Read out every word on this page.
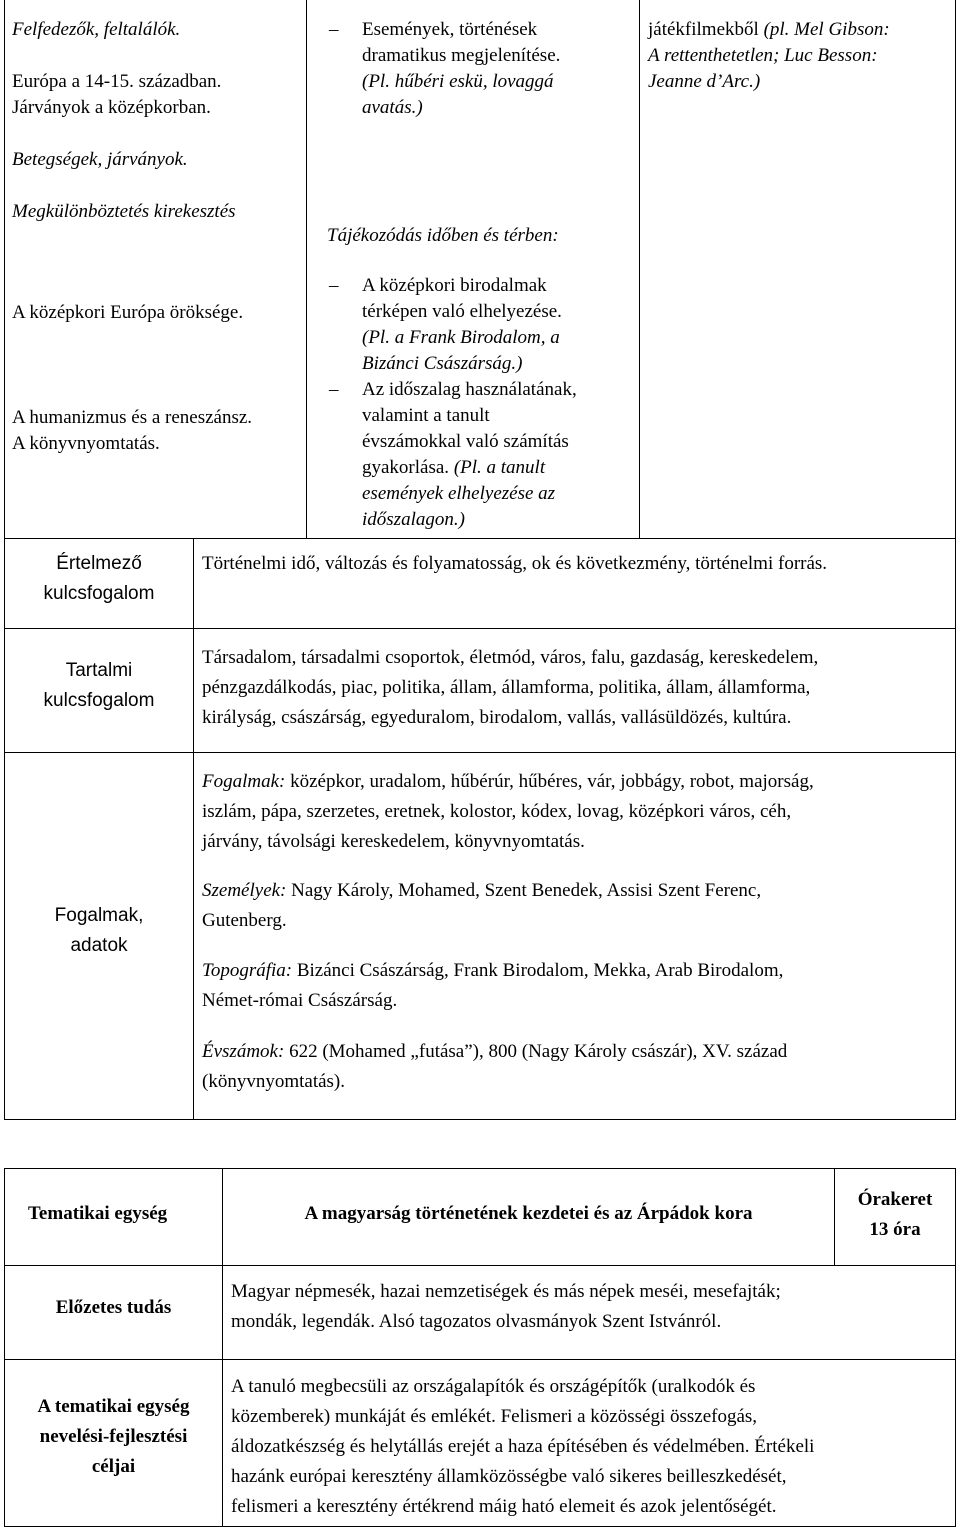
Felfedezők, feltalálók.
Európa a 14-15. században.
Járványok a középkorban.
Betegségek, járványok.
Megkülönböztetés kirekesztés
A középkori Európa öröksége.
A humanizmus és a reneszánsz.
A könyvnyomtatás.
– Események, történések
dramatikus megjelenítése.
(Pl. hűbéri eskü, lovaggá
avatás.)
Tájékozódás időben és térben:
– A középkori birodalmak
térképen való elhelyezése.
(Pl. a Frank Birodalom, a
Bizánci Császárság.)
– Az időszalag használatának,
valamint a tanult
évszámokkal való számítás
gyakorlása. (Pl. a tanult
események elhelyezése az
időszalagon.)
játékfilmekből (pl. Mel Gibson:
A rettenthetetlen; Luc Besson:
Jeanne d’Arc.)
Értelmező
kulcsfogalom
Történelmi idő, változás és folyamatosság, ok és következmény, történelmi forrás.
Tartalmi
kulcsfogalom
Társadalom, társadalmi csoportok, életmód, város, falu, gazdaság, kereskedelem,
pénzgazdálkodás, piac, politika, állam, államforma, politika, állam, államforma,
királyság, császárság, egyeduralom, birodalom, vallás, vallásüldözés, kultúra.
Fogalmak,
adatok
Fogalmak: középkor, uradalom, hűbérúr, hűbéres, vár, jobbágy, robot, majorság,
iszlám, pápa, szerzetes, eretnek, kolostor, kódex, lovag, középkori város, céh,
járvány, távolsági kereskedelem, könyvnyomtatás.
Személyek: Nagy Károly, Mohamed, Szent Benedek, Assisi Szent Ferenc,
Gutenberg.
Topográfia: Bizánci Császárság, Frank Birodalom, Mekka, Arab Birodalom,
Német-római Császárság.
Évszámok: 622 (Mohamed „futása”), 800 (Nagy Károly császár), XV. század
(könyvnyomtatás).
Tematikai egység	A magyarság történetének kezdetei és az Árpádok kora
Órakeret
13 óra
Előzetes tudás
Magyar népmesék, hazai nemzetiségek és más népek meséi, mesefajták;
mondák, legendák. Alsó tagozatos olvasmányok Szent Istvánról.
A tematikai egység
nevelési-fejlesztési
céljai
A tanuló megbecsüli az országalapítók és országépítők (uralkodók és
közemberek) munkáját és emlékét. Felismeri a közösségi összefogás,
áldozatkészség és helytállás erejét a haza építésében és védelmében. Értékeli
hazánk európai keresztény államközösségbe való sikeres beilleszkedését,
felismeri a keresztény értékrend máig ható elemeit és azok jelentőségét.
